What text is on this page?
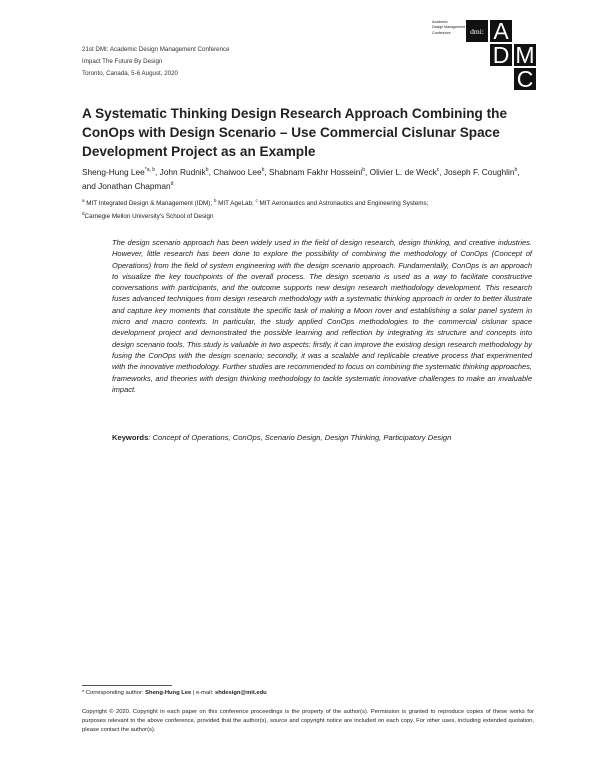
21st DMI: Academic Design Management Conference
Impact The Future By Design
Toronto, Canada, 5-6 August, 2020
Academic
Design Management
Conference	dmi: A
D M
C
A Systematic Thinking Design Research Approach Combining the ConOps with Design Scenario – Use Commercial Cislunar Space Development Project as an Example
Sheng-Hung Lee$^{*a, b}$, John Rudnik$^b$, Chaiwoo Lee$^b$, Shabnam Fakhr Hosseini$^b$, Olivier L. de Weck$^c$, Joseph F. Coughlin$^b$, and Jonathan Chapman$^d$
$^a$ MIT Integrated Design & Management (IDM); $^b$ MIT AgeLab; $^c$ MIT Aeronautics and Astronautics and Engineering Systems;
$^d$Carnegie Mellon University's School of Design
The design scenario approach has been widely used in the field of design research, design thinking, and creative industries. However, little research has been done to explore the possibility of combining the methodology of ConOps (Concept of Operations) from the field of system engineering with the design scenario approach. Fundamentally, ConOps is an approach to visualize the key touchpoints of the overall process. The design scenario is used as a way to facilitate constructive conversations with participants, and the outcome supports new design research methodology development. This research fuses advanced techniques from design research methodology with a systematic thinking approach in order to better illustrate and capture key moments that constitute the specific task of making a Moon rover and establishing a solar panel system in micro and macro contexts. In particular, the study applied ConOps methodologies to the commercial cislunar space development project and demonstrated the possible learning and reflection by integrating its structure and concepts into design scenario tools. This study is valuable in two aspects: firstly, it can improve the existing design research methodology by fusing the ConOps with the design scenario; secondly, it was a scalable and replicable creative process that experimented with the innovative methodology. Further studies are recommended to focus on combining the systematic thinking approaches, frameworks, and theories with design thinking methodology to tackle systematic innovative challenges to make an invaluable impact.
Keywords: Concept of Operations, ConOps, Scenario Design, Design Thinking, Participatory Design
* Corresponding author: Sheng-Hung Lee | e-mail: shdesign@mit.edu
Copyright © 2020. Copyright in each paper on this conference proceedings is the property of the author(s). Permission is granted to reproduce copies of these works for purposes relevant to the above conference, provided that the author(s), source and copyright notice are included on each copy. For other uses, including extended quotation, please contact the author(s).
